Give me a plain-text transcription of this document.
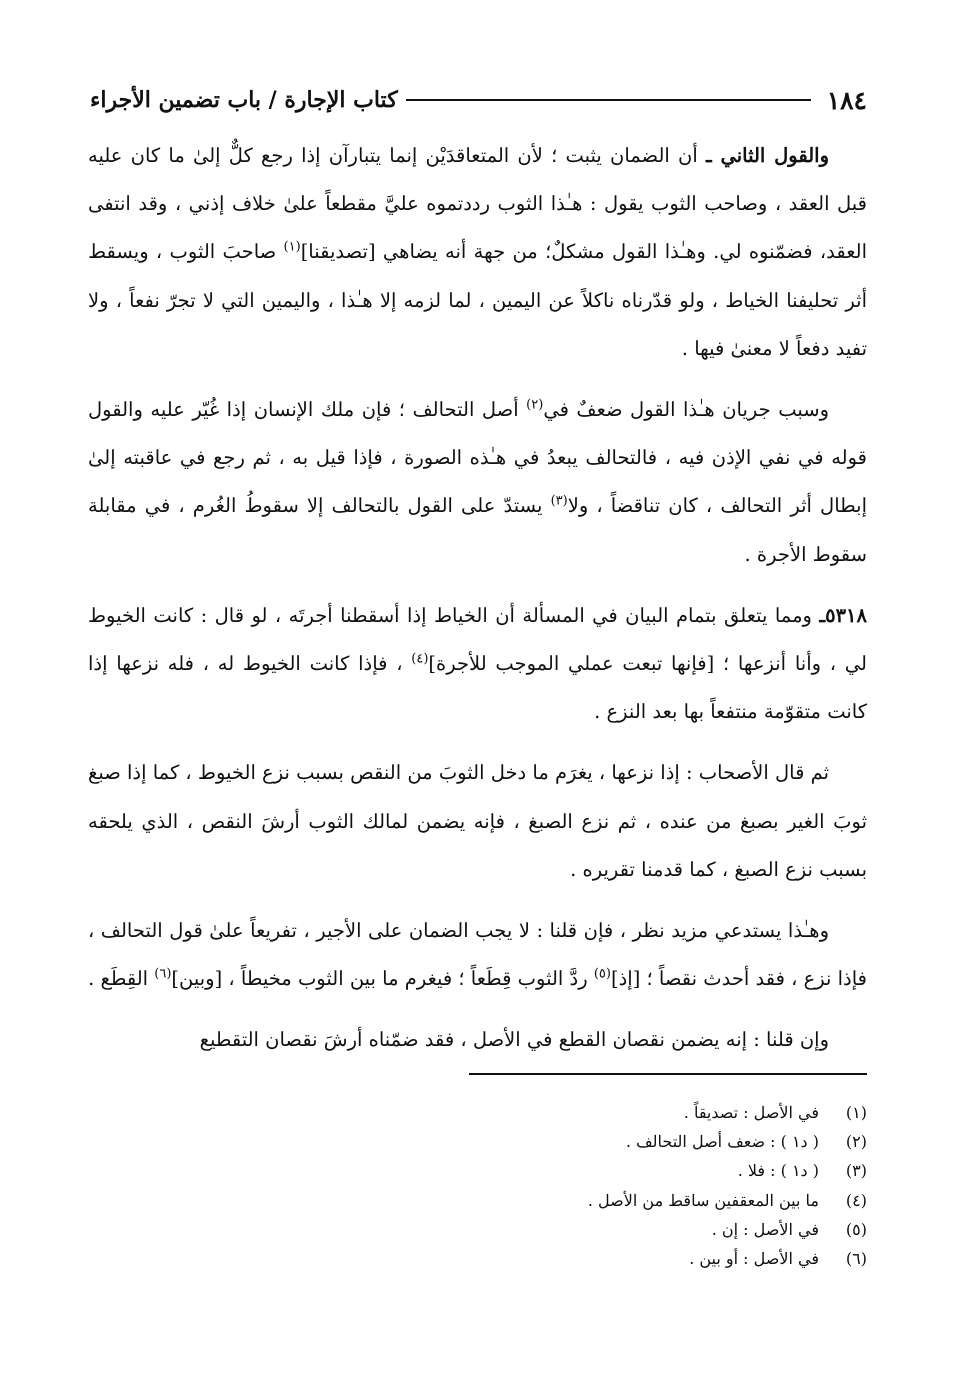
١٨٤
كتاب الإجارة / باب تضمين الأجراء

والقول الثاني ـ أن الضمان يثبت ؛ لأن المتعاقدَيْن إنما يتبارآن إذا رجع كلٌّ إلىٰ ما كان عليه قبل العقد ، وصاحب الثوب يقول : هـٰذا الثوب رددتموه عليَّ مقطعاً علىٰ خلاف إذني ، وقد انتفى العقد، فضمّنوه لي. وهـٰذا القول مشكلٌ؛ من جهة أنه يضاهي [تصديقنا]$^{(١)}$ صاحبَ الثوب ، ويسقط أثر تحليفنا الخياط ، ولو قدّرناه ناكلاً عن اليمين ، لما لزمه إلا هـٰذا ، واليمين التي لا تجرّ نفعاً ، ولا تفيد دفعاً لا معنىٰ فيها .

وسبب جريان هـٰذا القول ضعفٌ في$^{(٢)}$ أصل التحالف ؛ فإن ملك الإنسان إذا غُيّر عليه والقول قوله في نفي الإذن فيه ، فالتحالف يبعدُ في هـٰذه الصورة ، فإذا قيل به ، ثم رجع في عاقبته إلىٰ إبطال أثر التحالف ، كان تناقضاً ، ولا$^{(٣)}$ يستدّ على القول بالتحالف إلا سقوطُ الغُرم ، في مقابلة سقوط الأجرة .

٥٣١٨ـ ومما يتعلق بتمام البيان في المسألة أن الخياط إذا أسقطنا أجرتَه ، لو قال : كانت الخيوط لي ، وأنا أنزعها ؛ [فإنها تبعت عملي الموجب للأجرة]$^{(٤)}$ ، فإذا كانت الخيوط له ، فله نزعها إذا كانت متقوّمة منتفعاً بها بعد النزع .

ثم قال الأصحاب : إذا نزعها ، يغرَم ما دخل الثوبَ من النقص بسبب نزع الخيوط ، كما إذا صبغ ثوبَ الغير بصبغ من عنده ، ثم نزع الصبغ ، فإنه يضمن لمالك الثوب أرشَ النقص ، الذي يلحقه بسبب نزع الصبغ ، كما قدمنا تقريره .

وهـٰذا يستدعي مزيد نظر ، فإن قلنا : لا يجب الضمان على الأجير ، تفريعاً علىٰ قول التحالف ، فإذا نزع ، فقد أحدث نقصاً ؛ [إذ]$^{(٥)}$ ردَّ الثوب قِطَعاً ؛ فيغرم ما بين الثوب مخيطاً ، [وبين]$^{(٦)}$ القِطَع .

وإن قلنا : إنه يضمن نقصان القطع في الأصل ، فقد ضمّناه أرشَ نقصان التقطيع

(١)
في الأصل : تصديقاً .
(٢)
( د١ ) : ضعف أصل التحالف .
(٣)
( د١ ) : فلا .
(٤)
ما بين المعقفين ساقط من الأصل .
(٥)
في الأصل : إن .
(٦)
في الأصل : أو بين .
